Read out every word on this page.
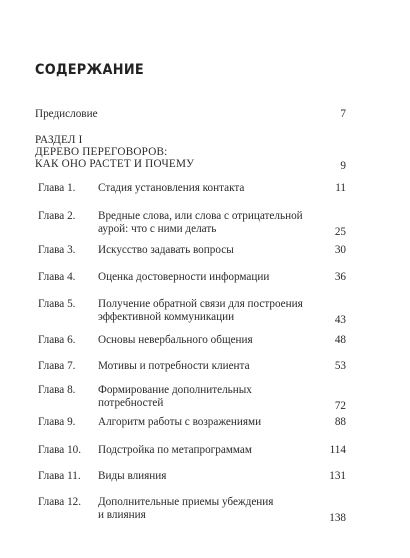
СОДЕРЖАНИЕ
Предисловие	7
РАЗДЕЛ I
ДЕРЕВО ПЕРЕГОВОРОВ:
КАК ОНО РАСТЕТ И ПОЧЕМУ	9
Глава 1. Стадия установления контакта	11
Глава 2. Вредные слова, или слова с отрицательной
аурой: что с ними делать	25
Глава 3. Искусство задавать вопросы	30
Глава 4. Оценка достоверности информации	36
Глава 5. Получение обратной связи для построения
эффективной коммуникации	43
Глава 6. Основы невербального общения	48
Глава 7. Мотивы и потребности клиента	53
Глава 8. Формирование дополнительных
потребностей	72
Глава 9. Алгоритм работы с возражениями	88
Глава 10. Подстройка по метапрограммам	114
Глава 11. Виды влияния	131
Глава 12. Дополнительные приемы убеждения
и влияния	138
